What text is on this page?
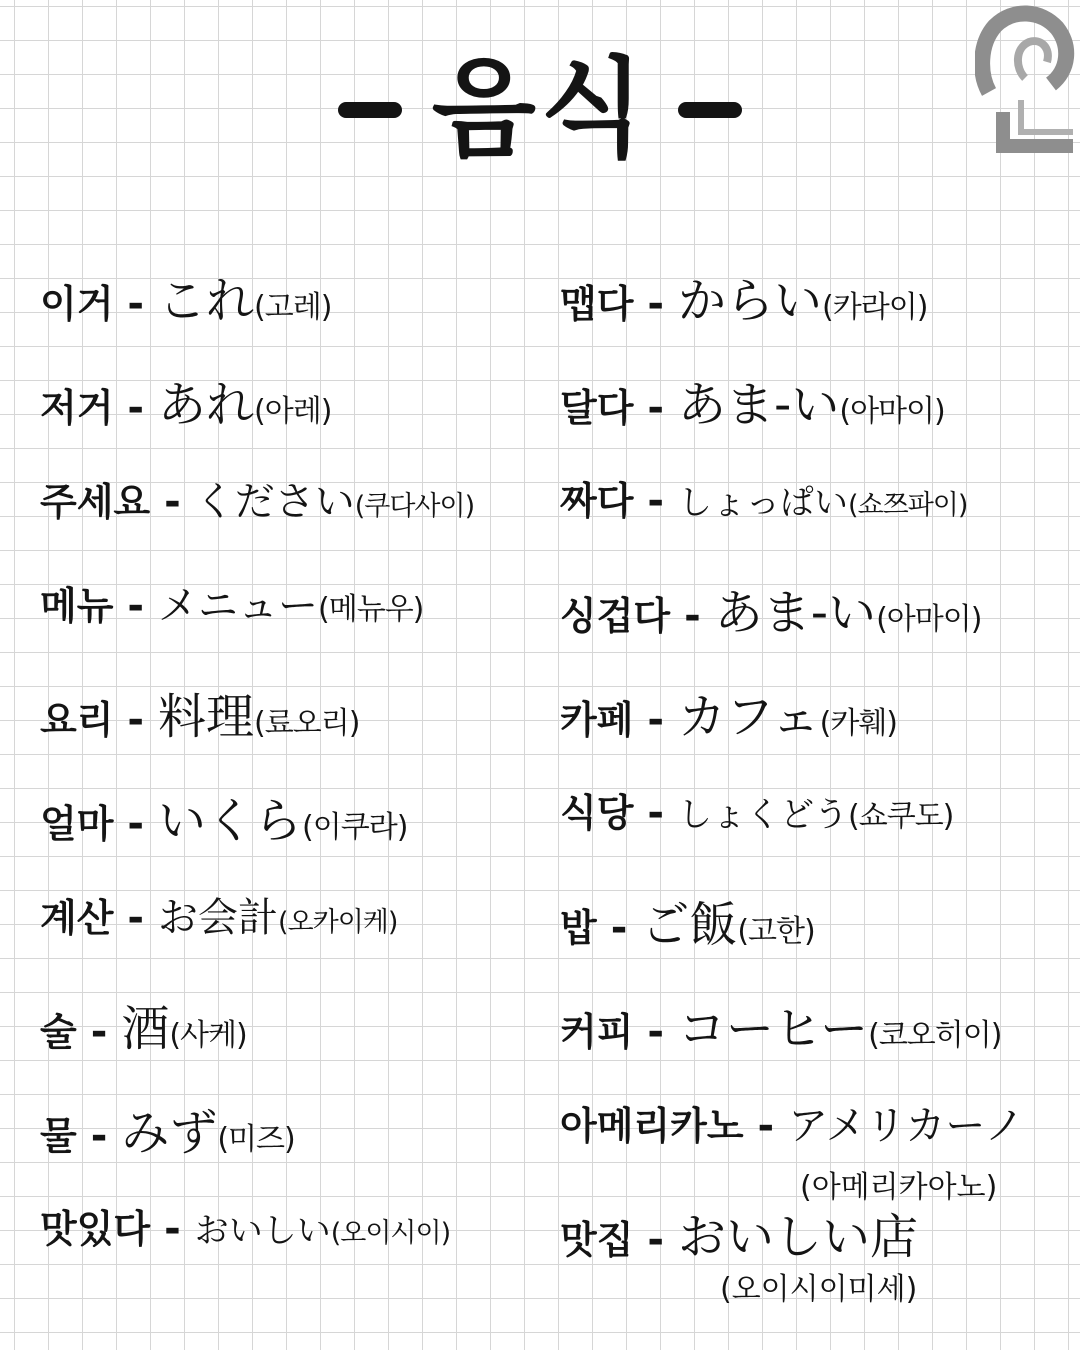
음식
이거 - これ (고레)
저거 - あれ (아레)
주세요 - ください (쿠다사이)
메뉴 - メニュー (메뉴우)
요리 - 料理 (료오리)
얼마 - いくら (이쿠라)
계산 - お会計 (오카이케)
술 - 酒 (사케)
물 - みず (미즈)
맛있다 - おいしい (오이시이)
맵다 - からい (카라이)
달다 - あま-い (아마이)
짜다 - しょっぱい (쇼쯔파이)
싱겁다 - あま-い (아마이)
카페 - カフェ (카훼)
식당 - しょくどう (쇼쿠도)
밥 - ご飯 (고한)
커피 - コーヒー (코오히이)
아메리카노 - アメリカーノ
(아메리카아노)
맛집 - おいしい店
(오이시이미세)
